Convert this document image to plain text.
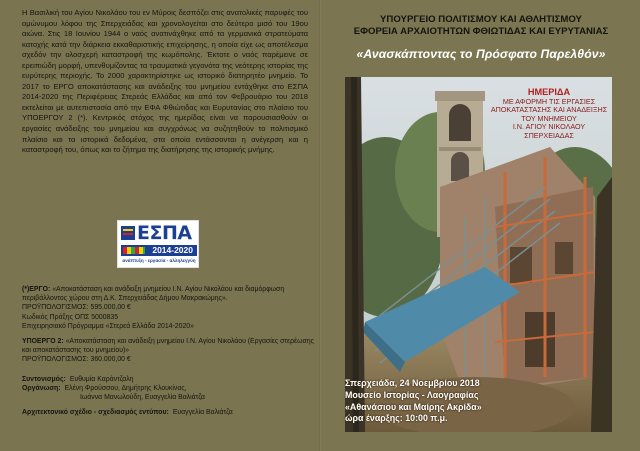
Η Βασιλική του Αγίου Νικολάου του εν Μύροις δεσπόζει στις ανατολικές παρυφές του ομώνυμου λόφου της Σπερχειάδας και χρονολογείται στο δεύτερο μισό του 19ου αιώνα. Στις 18 Ιουνίου 1944 ο ναός ανατινάχθηκε από τα γερμανικά στρατεύματα κατοχής κατά την διάρκεια εκκαθαριστικής επιχείρησης, η οποία είχε ως αποτέλεσμα σχεδόν την ολοσχερή καταστροφή της κωμόπολης. Έκτοτε ο ναός παρέμεινε σε ερειπιώδη μορφή, υπενθυμίζοντας τα τραυματικά γεγονότα της νεότερης ιστορίας της ευρύτερης περιοχής. Το 2000 χαρακτηρίστηκε ως ιστορικό διατηρητέο μνημείο. Το 2017 το ΕΡΓΟ αποκατάστασης και ανάδειξης του μνημείου εντάχθηκε στο ΕΣΠΑ 2014-2020 της Περιφέρειας Στερεάς Ελλάδας και από τον Φεβρουάριο του 2018 εκτελείται με αυτεπιστασία από την ΕΦΑ Φθιώτιδας και Ευρυτανίας στο πλαίσιο του ΥΠΟΕΡΓΟΥ 2 (*). Κεντρικός στόχος της ημερίδας είναι να παρουσιασθούν οι εργασίες ανάδειξης του μνημείου και συγχρόνως να συζητηθούν το πολιτισμικό πλαίσιο και τα ιστορικά δεδομένα, στα οποία εντάσσονται η ανέγερση και η καταστροφή του, όπως και το ζήτημα της διατήρησης της ιστορικής μνήμης.

ΕΣΠΑ
2014-2020
ανάπτυξη - εργασία - αλληλεγγύη

(*)ΕΡΓΟ: «Αποκατάσταση και ανάδειξη μνημείου Ι.Ν. Αγίου Νικολάου και διαμόρφωση περιβάλλοντος χώρου στη Δ.Κ. Σπερχειάδας Δήμου Μακρακώμης».
ΠΡΟΫΠΟΛΟΓΙΣΜΟΣ: 595.000,00 €
Κωδικός Πράξης ΟΠΣ 5000835
Επιχειρησιακό Πρόγραμμα «Στερεά Ελλάδα 2014-2020»

ΥΠΟΕΡΓΟ 2: «Αποκατάσταση και ανάδειξη μνημείου Ι.Ν. Αγίου Νικολάου (Εργασίες στερέωσης και αποκατάστασης του μνημείου)»
ΠΡΟΫΠΟΛΟΓΙΣΜΟΣ: 360.000,00 €

Συντονισμός: Ευθυμία Καράντζαλη
Οργάνωση: Ελένη Φρούσσου, Δημήτρης Κλουκίνας,
Ιωάννα Μανωλούδη, Ευαγγελία Βαλιάτζα
Αρχιτεκτονικό σχέδιο - σχεδιασμός εντύπου: Ευαγγελία Βαλιάτζα
ΥΠΟΥΡΓΕΙΟ ΠΟΛΙΤΙΣΜΟΥ ΚΑΙ ΑΘΛΗΤΙΣΜΟΥ
ΕΦΟΡΕΙΑ ΑΡΧΑΙΟΤΗΤΩΝ ΦΘΙΩΤΙΔΑΣ ΚΑΙ ΕΥΡΥΤΑΝΙΑΣ
«Ανασκάπτοντας το Πρόσφατο Παρελθόν»
ΗΜΕΡΙΔΑ
ΜΕ ΑΦΟΡΜΗ ΤΙΣ ΕΡΓΑΣΙΕΣ
ΑΠΟΚΑΤΑΣΤΑΣΗΣ ΚΑΙ ΑΝΑΔΕΙΞΗΣ
ΤΟΥ ΜΝΗΜΕΙΟΥ
Ι.Ν. ΑΓΙΟΥ ΝΙΚΟΛΑΟΥ
ΣΠΕΡΧΕΙΑΔΑΣ
Σπερχειάδα, 24 Νοεμβρίου 2018
Μουσείο Ιστορίας - Λαογραφίας
«Αθανάσιου και Μαίρης Ακρίδα»
ώρα έναρξης: 10:00 π.μ.
